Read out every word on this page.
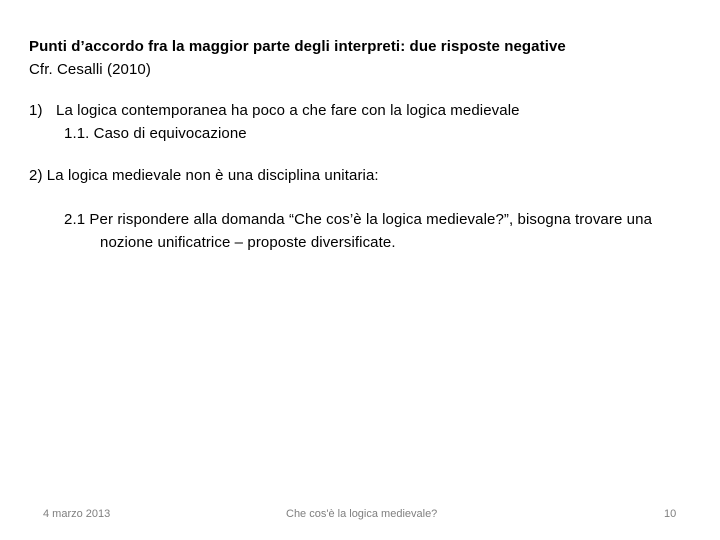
Punti d’accordo fra la maggior parte degli interpreti: due risposte negative
Cfr. Cesalli (2010)
1) La logica contemporanea ha poco a che fare con la logica medievale
1.1. Caso di equivocazione
2) La logica medievale non è una disciplina unitaria:
2.1 Per rispondere alla domanda “Che cos’è la logica medievale?”, bisogna trovare una
nozione unificatrice – proposte diversificate.
4 marzo 2013	Che cos'è la logica medievale?	10
